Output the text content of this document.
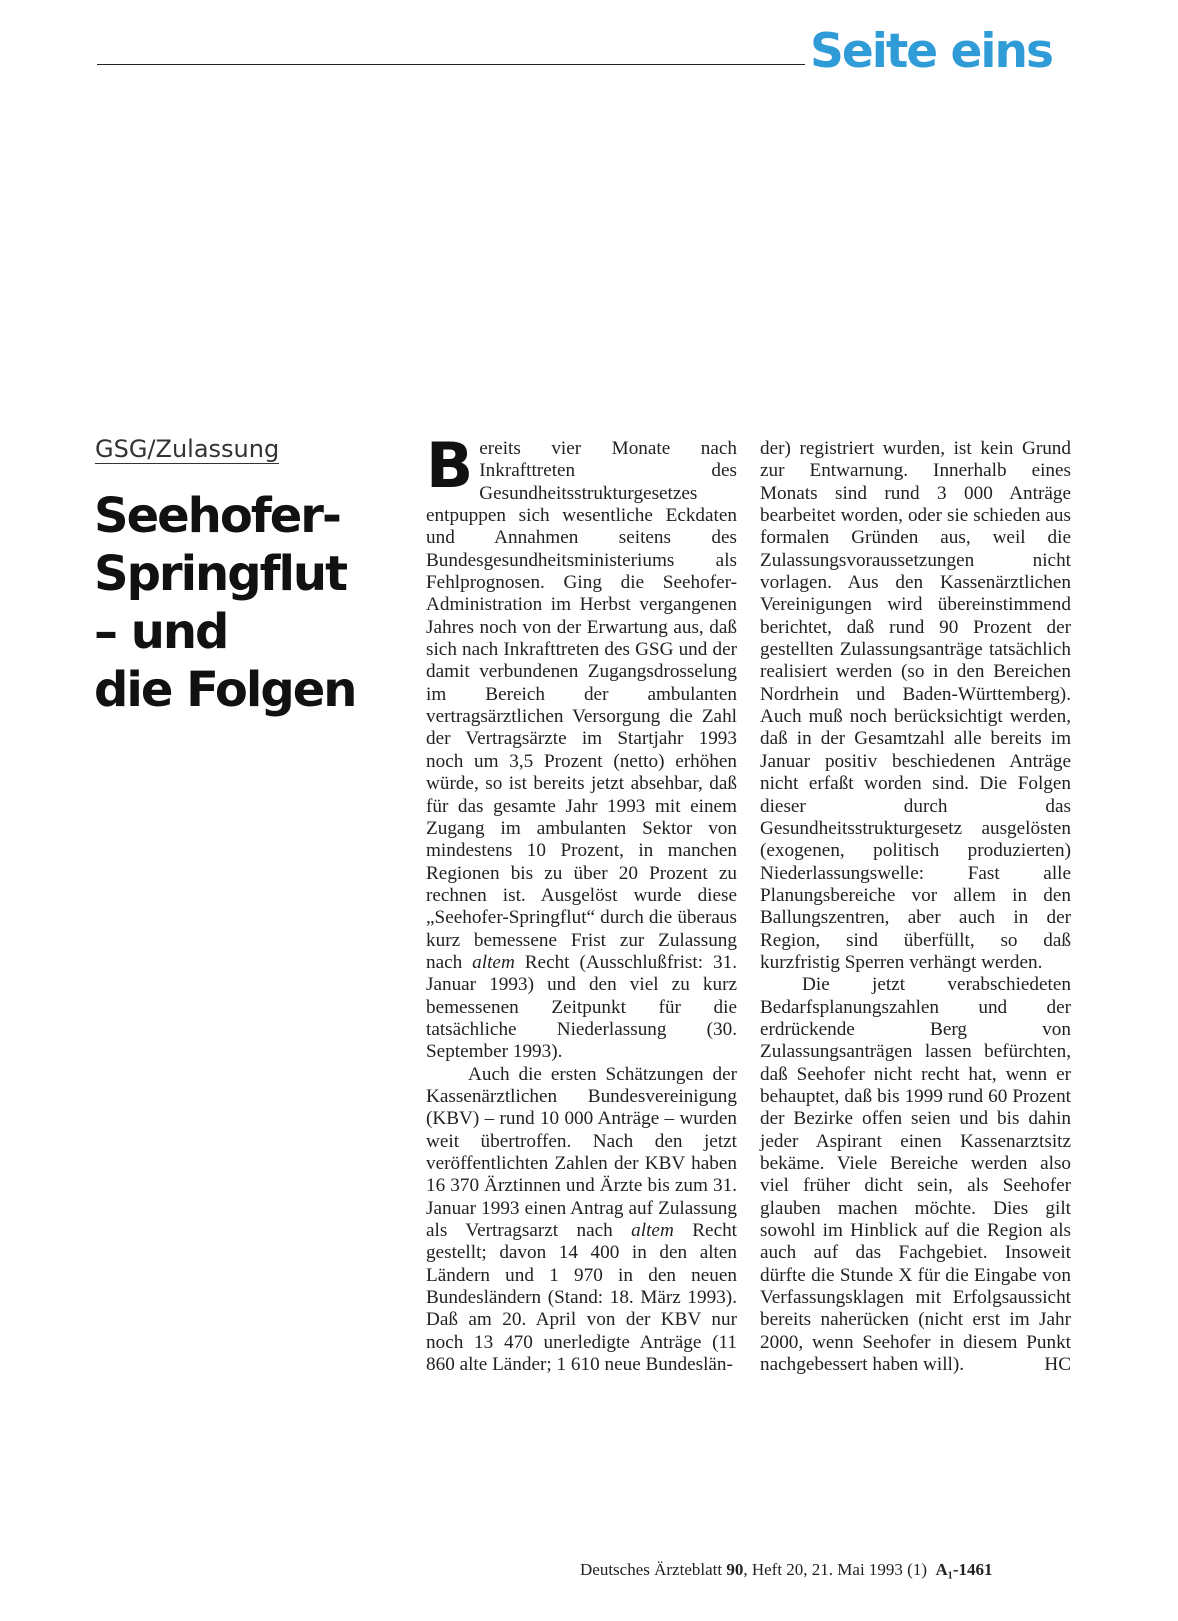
Seite eins
GSG/Zulassung
Seehofer-
Springflut
– und
die Folgen

Bereits vier Monate nach Inkrafttreten des Gesundheitsstrukturgesetzes entpuppen sich wesentliche Eckdaten und Annahmen seitens des Bundesgesundheitsministeriums als Fehlprognosen. Ging die Seehofer-Administration im Herbst vergangenen Jahres noch von der Erwartung aus, daß sich nach Inkrafttreten des GSG und der damit verbundenen Zugangsdrosselung im Bereich der ambulanten vertragsärztlichen Versorgung die Zahl der Vertragsärzte im Startjahr 1993 noch um 3,5 Prozent (netto) erhöhen würde, so ist bereits jetzt absehbar, daß für das gesamte Jahr 1993 mit einem Zugang im ambulanten Sektor von mindestens 10 Prozent, in manchen Regionen bis zu über 20 Prozent zu rechnen ist. Ausgelöst wurde diese „Seehofer-Springflut“ durch die überaus kurz bemessene Frist zur Zulassung nach altem Recht (Ausschlußfrist: 31. Januar 1993) und den viel zu kurz bemessenen Zeitpunkt für die tatsächliche Niederlassung (30. September 1993).

Auch die ersten Schätzungen der Kassenärztlichen Bundesvereinigung (KBV) – rund 10 000 Anträge – wurden weit übertroffen. Nach den jetzt veröffentlichten Zahlen der KBV haben 16 370 Ärztinnen und Ärzte bis zum 31. Januar 1993 einen Antrag auf Zulassung als Vertragsarzt nach altem Recht gestellt; davon 14 400 in den alten Ländern und 1 970 in den neuen Bundesländern (Stand: 18. März 1993). Daß am 20. April von der KBV nur noch 13 470 unerledigte Anträge (11 860 alte Länder; 1 610 neue Bundeslän-

der) registriert wurden, ist kein Grund zur Entwarnung. Innerhalb eines Monats sind rund 3 000 Anträge bearbeitet worden, oder sie schieden aus formalen Gründen aus, weil die Zulassungsvoraussetzungen nicht vorlagen. Aus den Kassenärztlichen Vereinigungen wird übereinstimmend berichtet, daß rund 90 Prozent der gestellten Zulassungsanträge tatsächlich realisiert werden (so in den Bereichen Nordrhein und Baden-Württemberg). Auch muß noch berücksichtigt werden, daß in der Gesamtzahl alle bereits im Januar positiv beschiedenen Anträge nicht erfaßt worden sind. Die Folgen dieser durch das Gesundheitsstrukturgesetz ausgelösten (exogenen, politisch produzierten) Niederlassungswelle: Fast alle Planungsbereiche vor allem in den Ballungszentren, aber auch in der Region, sind überfüllt, so daß kurzfristig Sperren verhängt werden.

Die jetzt verabschiedeten Bedarfsplanungszahlen und der erdrückende Berg von Zulassungsanträgen lassen befürchten, daß Seehofer nicht recht hat, wenn er behauptet, daß bis 1999 rund 60 Prozent der Bezirke offen seien und bis dahin jeder Aspirant einen Kassenarztsitz bekäme. Viele Bereiche werden also viel früher dicht sein, als Seehofer glauben machen möchte. Dies gilt sowohl im Hinblick auf die Region als auch auf das Fachgebiet. Insoweit dürfte die Stunde X für die Eingabe von Verfassungsklagen mit Erfolgsaussicht bereits naherücken (nicht erst im Jahr 2000, wenn Seehofer in diesem Punkt nachgebessert haben will).	HC

Deutsches Ärzteblatt 90, Heft 20, 21. Mai 1993 (1) A₁-1461
